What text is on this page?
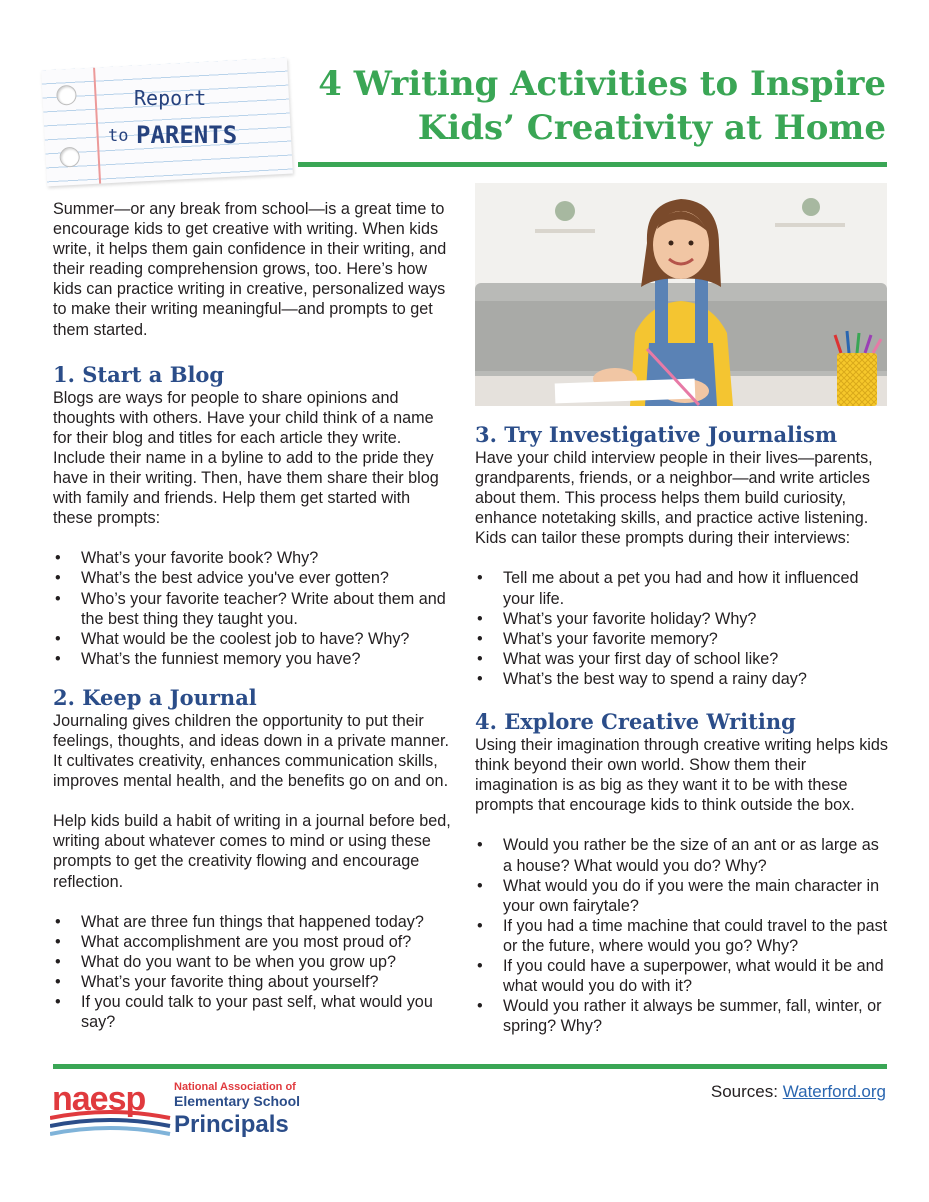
Report
to PARENTS
4 Writing Activities to Inspire
Kids’ Creativity at Home

Summer—or any break from school—is a great time to encourage kids to get creative with writing. When kids write, it helps them gain confidence in their writing, and their reading comprehension grows, too. Here’s how kids can practice writing in creative, personalized ways to make their writing meaningful—and prompts to get them started.

1. Start a Blog

Blogs are ways for people to share opinions and thoughts with others. Have your child think of a name for their blog and titles for each article they write. Include their name in a byline to add to the pride they have in their writing. Then, have them share their blog with family and friends. Help them get started with these prompts:

• What’s your favorite book? Why?
• What’s the best advice you've ever gotten?
• Who’s your favorite teacher? Write about them and the best thing they taught you.
• What would be the coolest job to have? Why?
• What’s the funniest memory you have?
2. Keep a Journal

Journaling gives children the opportunity to put their feelings, thoughts, and ideas down in a private manner. It cultivates creativity, enhances communication skills, improves mental health, and the benefits go on and on.

Help kids build a habit of writing in a journal before bed, writing about whatever comes to mind or using these prompts to get the creativity flowing and encourage reflection.

• What are three fun things that happened today?
• What accomplishment are you most proud of?
• What do you want to be when you grow up?
• What’s your favorite thing about yourself?
• If you could talk to your past self, what would you say?
3. Try Investigative Journalism

Have your child interview people in their lives—parents, grandparents, friends, or a neighbor—and write articles about them. This process helps them build curiosity, enhance notetaking skills, and practice active listening. Kids can tailor these prompts during their interviews:

• Tell me about a pet you had and how it influenced your life.
• What’s your favorite holiday? Why?
• What’s your favorite memory?
• What was your first day of school like?
• What’s the best way to spend a rainy day?
4. Explore Creative Writing

Using their imagination through creative writing helps kids think beyond their own world. Show them their imagination is as big as they want it to be with these prompts that encourage kids to think outside the box.

• Would you rather be the size of an ant or as large as a house? What would you do? Why?
• What would you do if you were the main character in your own fairytale?
• If you had a time machine that could travel to the past or the future, where would you go? Why?
• If you could have a superpower, what would it be and what would you do with it?
• Would you rather it always be summer, fall, winter, or spring? Why?
naesp	National Association of
Elementary School
Principals
Sources: Waterford.org
